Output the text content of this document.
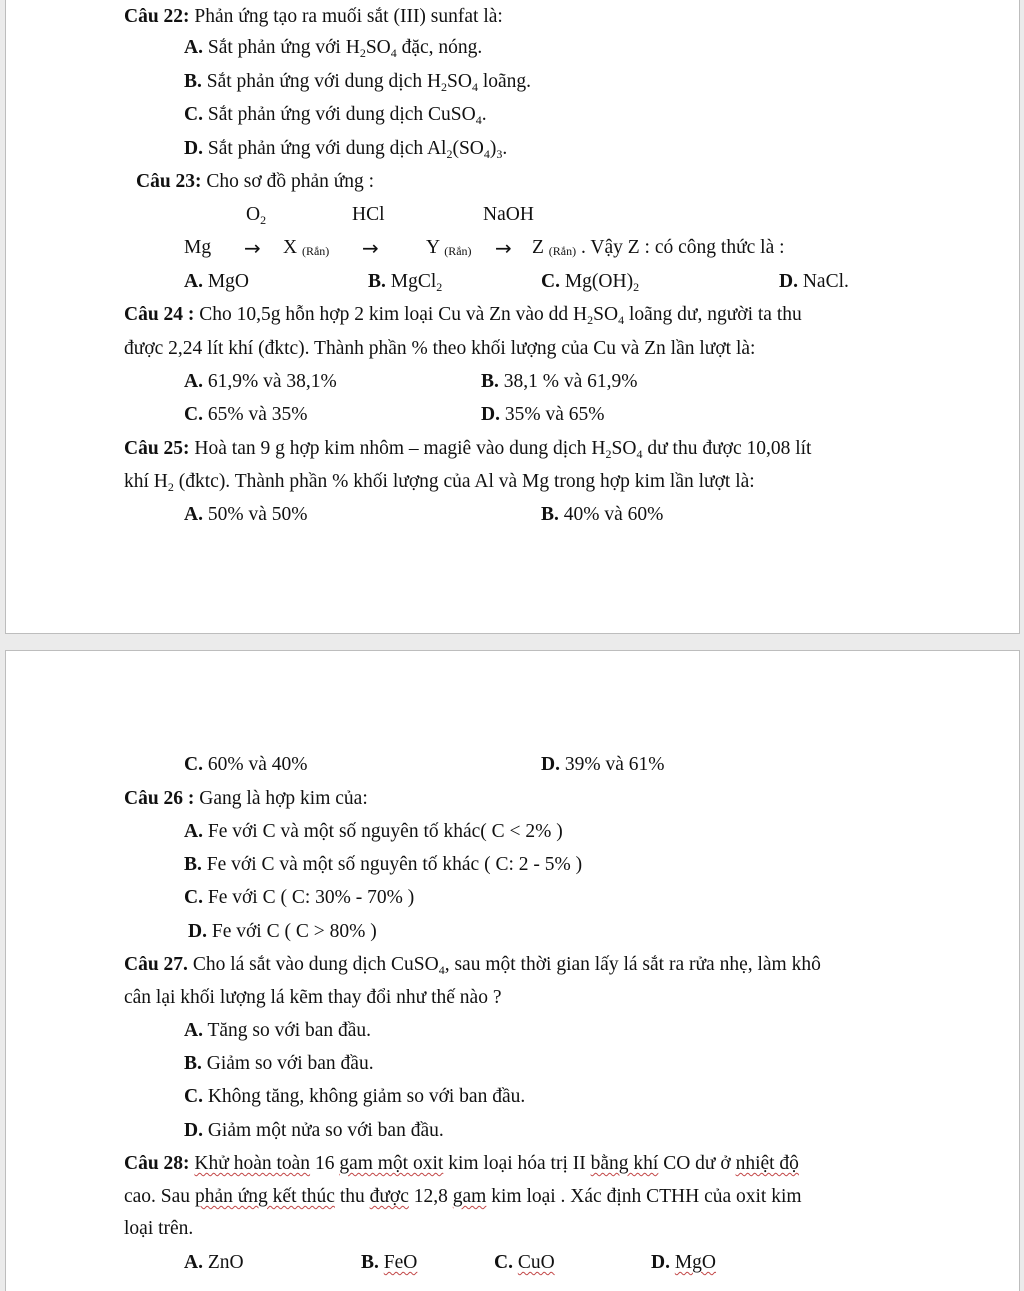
Câu 22: Phản ứng tạo ra muối sắt (III) sunfat là:
A. Sắt phản ứng với $H_2SO_4$ đặc, nóng.
B. Sắt phản ứng với dung dịch $H_2SO_4$ loãng.
C. Sắt phản ứng với dung dịch CuSO$_4$.
D. Sắt phản ứng với dung dịch $Al_2(SO_4)_3$.
Câu 23: Cho sơ đồ phản ứng :
$O_2$	HCl	NaOH
Mg → X (Rắn) → Y (Rắn) → Z (Rắn) . Vậy Z : có công thức là :
A. MgO	B. MgCl$_2$	C. $Mg(OH)_2$	D. NaCl.
Câu 24 : Cho 10,5g hỗn hợp 2 kim loại Cu và Zn vào dd $H_2SO_4$ loãng dư, người ta thu
được 2,24 lít khí (đktc). Thành phần % theo khối lượng của Cu và Zn lần lượt là:
A. 61,9% và 38,1%	B. 38,1 % và 61,9%
C. 65% và 35%	D. 35% và 65%
Câu 25: Hoà tan 9 g hợp kim nhôm – magiê vào dung dịch $H_2SO_4$ dư thu được 10,08 lít
khí $H_2$ (đktc). Thành phần % khối lượng của Al và Mg trong hợp kim lần lượt là:
A. 50% và 50%	B. 40% và 60%
C. 60% và 40%	D. 39% và 61%
Câu 26 : Gang là hợp kim của:
A. Fe với C và một số nguyên tố khác( C < 2% )
B. Fe với C và một số nguyên tố khác ( C: 2 - 5% )
C. Fe với C ( C: 30% - 70% )
D. Fe với C ( C > 80% )
Câu 27. Cho lá sắt vào dung dịch CuSO$_4$, sau một thời gian lấy lá sắt ra rửa nhẹ, làm khô
cân lại khối lượng lá kẽm thay đổi như thế nào ?
A. Tăng so với ban đầu.
B. Giảm so với ban đầu.
C. Không tăng, không giảm so với ban đầu.
D. Giảm một nửa so với ban đầu.
Câu 28: Khử hoàn toàn 16 gam một oxit kim loại hóa trị II bằng khí CO dư ở nhiệt độ
cao. Sau phản ứng kết thúc thu được 12,8 gam kim loại . Xác định CTHH của oxit kim
loại trên.
A. ZnO	B. FeO	C. CuO	D. MgO
